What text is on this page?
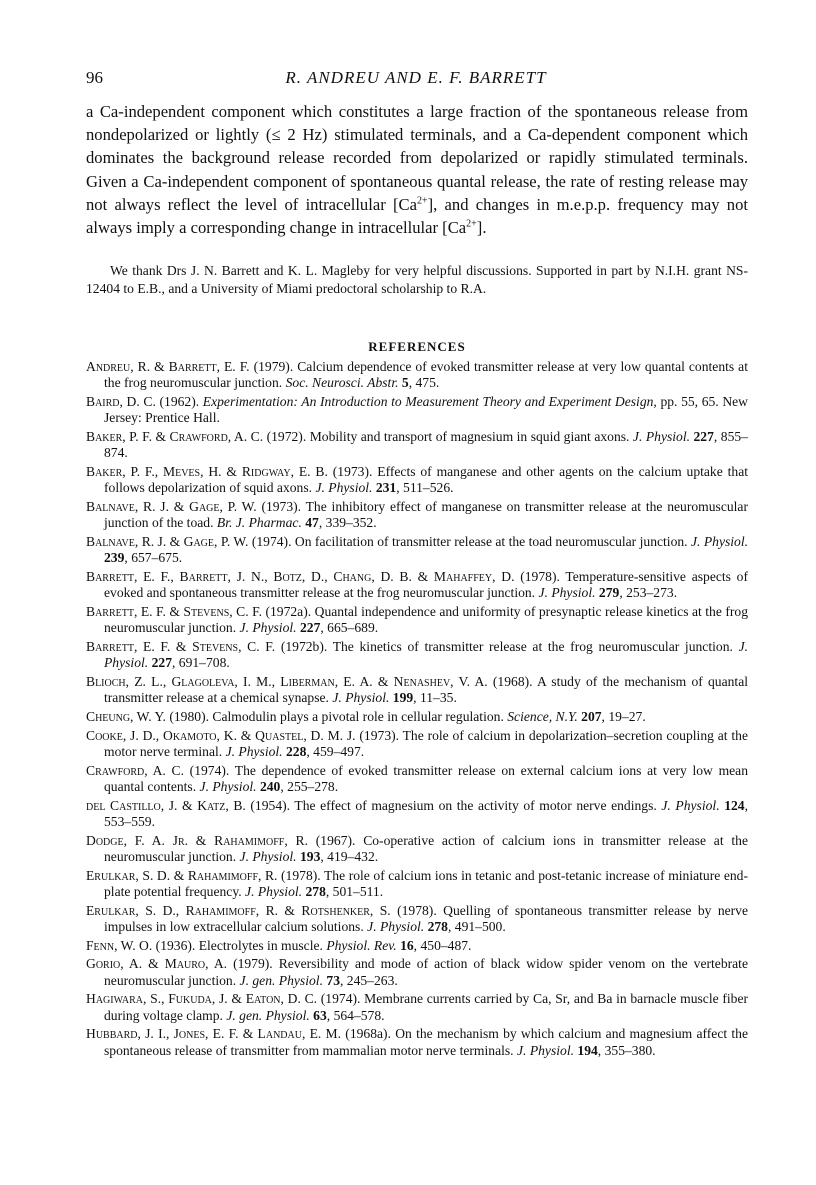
96	R. ANDREU AND E. F. BARRETT

a Ca-independent component which constitutes a large fraction of the spontaneous release from nondepolarized or lightly (≤ 2 Hz) stimulated terminals, and a Ca-dependent component which dominates the background release recorded from depolarized or rapidly stimulated terminals. Given a Ca-independent component of spontaneous quantal release, the rate of resting release may not always reflect the level of intracellular $[Ca^{2+}]$, and changes in m.e.p.p. frequency may not always imply a corresponding change in intracellular $[Ca^{2+}]$.

We thank Drs J. N. Barrett and K. L. Magleby for very helpful discussions. Supported in part by N.I.H. grant NS-12404 to E.B., and a University of Miami predoctoral scholarship to R.A.

REFERENCES
Andreu, R. & Barrett, E. F. (1979). Calcium dependence of evoked transmitter release at very low quantal contents at the frog neuromuscular junction. Soc. Neurosci. Abstr. 5, 475.
Baird, D. C. (1962). Experimentation: An Introduction to Measurement Theory and Experiment Design, pp. 55, 65. New Jersey: Prentice Hall.
Baker, P. F. & Crawford, A. C. (1972). Mobility and transport of magnesium in squid giant axons. J. Physiol. 227, 855–874.
Baker, P. F., Meves, H. & Ridgway, E. B. (1973). Effects of manganese and other agents on the calcium uptake that follows depolarization of squid axons. J. Physiol. 231, 511–526.
Balnave, R. J. & Gage, P. W. (1973). The inhibitory effect of manganese on transmitter release at the neuromuscular junction of the toad. Br. J. Pharmac. 47, 339–352.
Balnave, R. J. & Gage, P. W. (1974). On facilitation of transmitter release at the toad neuromuscular junction. J. Physiol. 239, 657–675.
Barrett, E. F., Barrett, J. N., Botz, D., Chang, D. B. & Mahaffey, D. (1978). Temperature-sensitive aspects of evoked and spontaneous transmitter release at the frog neuromuscular junction. J. Physiol. 279, 253–273.
Barrett, E. F. & Stevens, C. F. (1972a). Quantal independence and uniformity of presynaptic release kinetics at the frog neuromuscular junction. J. Physiol. 227, 665–689.
Barrett, E. F. & Stevens, C. F. (1972b). The kinetics of transmitter release at the frog neuromuscular junction. J. Physiol. 227, 691–708.
Blioch, Z. L., Glagoleva, I. M., Liberman, E. A. & Nenashev, V. A. (1968). A study of the mechanism of quantal transmitter release at a chemical synapse. J. Physiol. 199, 11–35.
Cheung, W. Y. (1980). Calmodulin plays a pivotal role in cellular regulation. Science, N.Y. 207, 19–27.
Cooke, J. D., Okamoto, K. & Quastel, D. M. J. (1973). The role of calcium in depolarization–secretion coupling at the motor nerve terminal. J. Physiol. 228, 459–497.
Crawford, A. C. (1974). The dependence of evoked transmitter release on external calcium ions at very low mean quantal contents. J. Physiol. 240, 255–278.
del Castillo, J. & Katz, B. (1954). The effect of magnesium on the activity of motor nerve endings. J. Physiol. 124, 553–559.
Dodge, F. A. Jr. & Rahamimoff, R. (1967). Co-operative action of calcium ions in transmitter release at the neuromuscular junction. J. Physiol. 193, 419–432.
Erulkar, S. D. & Rahamimoff, R. (1978). The role of calcium ions in tetanic and post-tetanic increase of miniature end-plate potential frequency. J. Physiol. 278, 501–511.
Erulkar, S. D., Rahamimoff, R. & Rotshenker, S. (1978). Quelling of spontaneous transmitter release by nerve impulses in low extracellular calcium solutions. J. Physiol. 278, 491–500.
Fenn, W. O. (1936). Electrolytes in muscle. Physiol. Rev. 16, 450–487.
Gorio, A. & Mauro, A. (1979). Reversibility and mode of action of black widow spider venom on the vertebrate neuromuscular junction. J. gen. Physiol. 73, 245–263.
Hagiwara, S., Fukuda, J. & Eaton, D. C. (1974). Membrane currents carried by Ca, Sr, and Ba in barnacle muscle fiber during voltage clamp. J. gen. Physiol. 63, 564–578.
Hubbard, J. I., Jones, E. F. & Landau, E. M. (1968a). On the mechanism by which calcium and magnesium affect the spontaneous release of transmitter from mammalian motor nerve terminals. J. Physiol. 194, 355–380.
